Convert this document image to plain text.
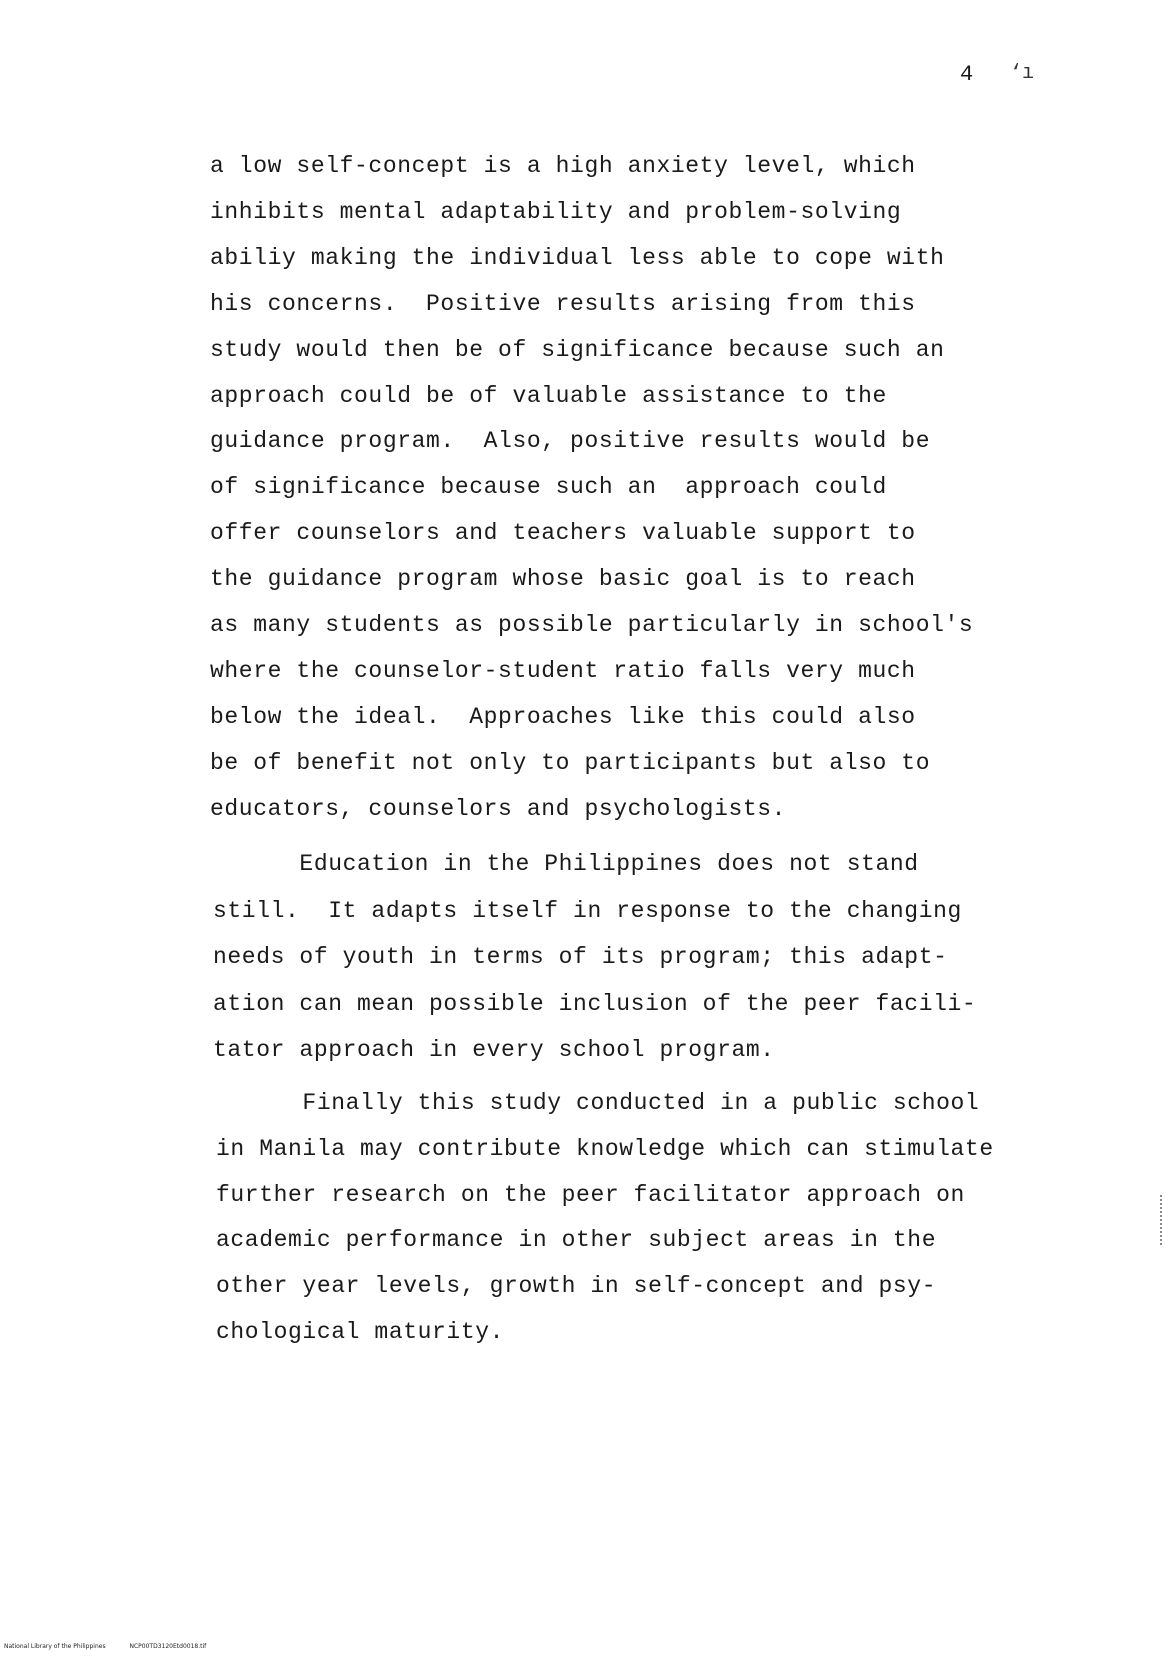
4 ‘ı
a low self-concept is a high anxiety level, which
inhibits mental adaptability and problem-solving
abiliy making the individual less able to cope with
his concerns.  Positive results arising from this
study would then be of significance because such an
approach could be of valuable assistance to the
guidance program.  Also, positive results would be
of significance because such an  approach could
offer counselors and teachers valuable support to
the guidance program whose basic goal is to reach
as many students as possible particularly in school's
where the counselor-student ratio falls very much
below the ideal.  Approaches like this could also
be of benefit not only to participants but also to
educators, counselors and psychologists.
Education in the Philippines does not stand
still.  It adapts itself in response to the changing
needs of youth in terms of its program; this adapt-
ation can mean possible inclusion of the peer facili-
tator approach in every school program.
Finally this study conducted in a public school
in Manila may contribute knowledge which can stimulate
further research on the peer facilitator approach on
academic performance in other subject areas in the
other year levels, growth in self-concept and psy-
chological maturity.
National Library of the Philippines	NCP00TD3120Etd0018.tif
